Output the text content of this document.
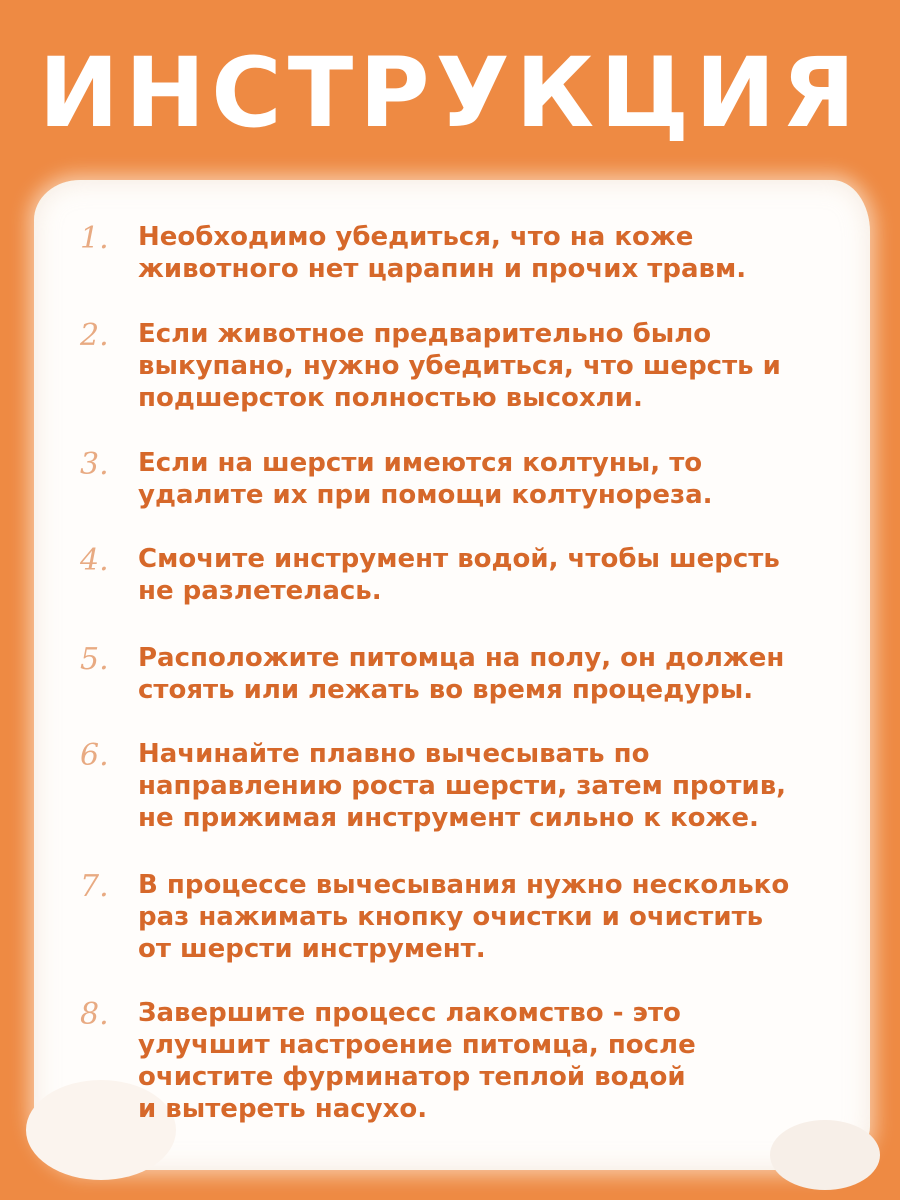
ИНСТРУКЦИЯ
1.	Необходимо убедиться, что на коже
животного нет царапин и прочих травм.
2.	Если животное предварительно было
выкупано, нужно убедиться, что шерсть и
подшерсток полностью высохли.
3.	Если на шерсти имеются колтуны, то
удалите их при помощи колтунореза.
4.	Смочите инструмент водой, чтобы шерсть
не разлетелась.
5.	Расположите питомца на полу, он должен
стоять или лежать во время процедуры.
6.	Начинайте плавно вычесывать по
направлению роста шерсти, затем против,
не прижимая инструмент сильно к коже.
7.	В процессе вычесывания нужно несколько
раз нажимать кнопку очистки и очистить
от шерсти инструмент.
8.	Завершите процесс лакомство - это
улучшит настроение питомца, после
очистите фурминатор теплой водой
и вытереть насухо.
